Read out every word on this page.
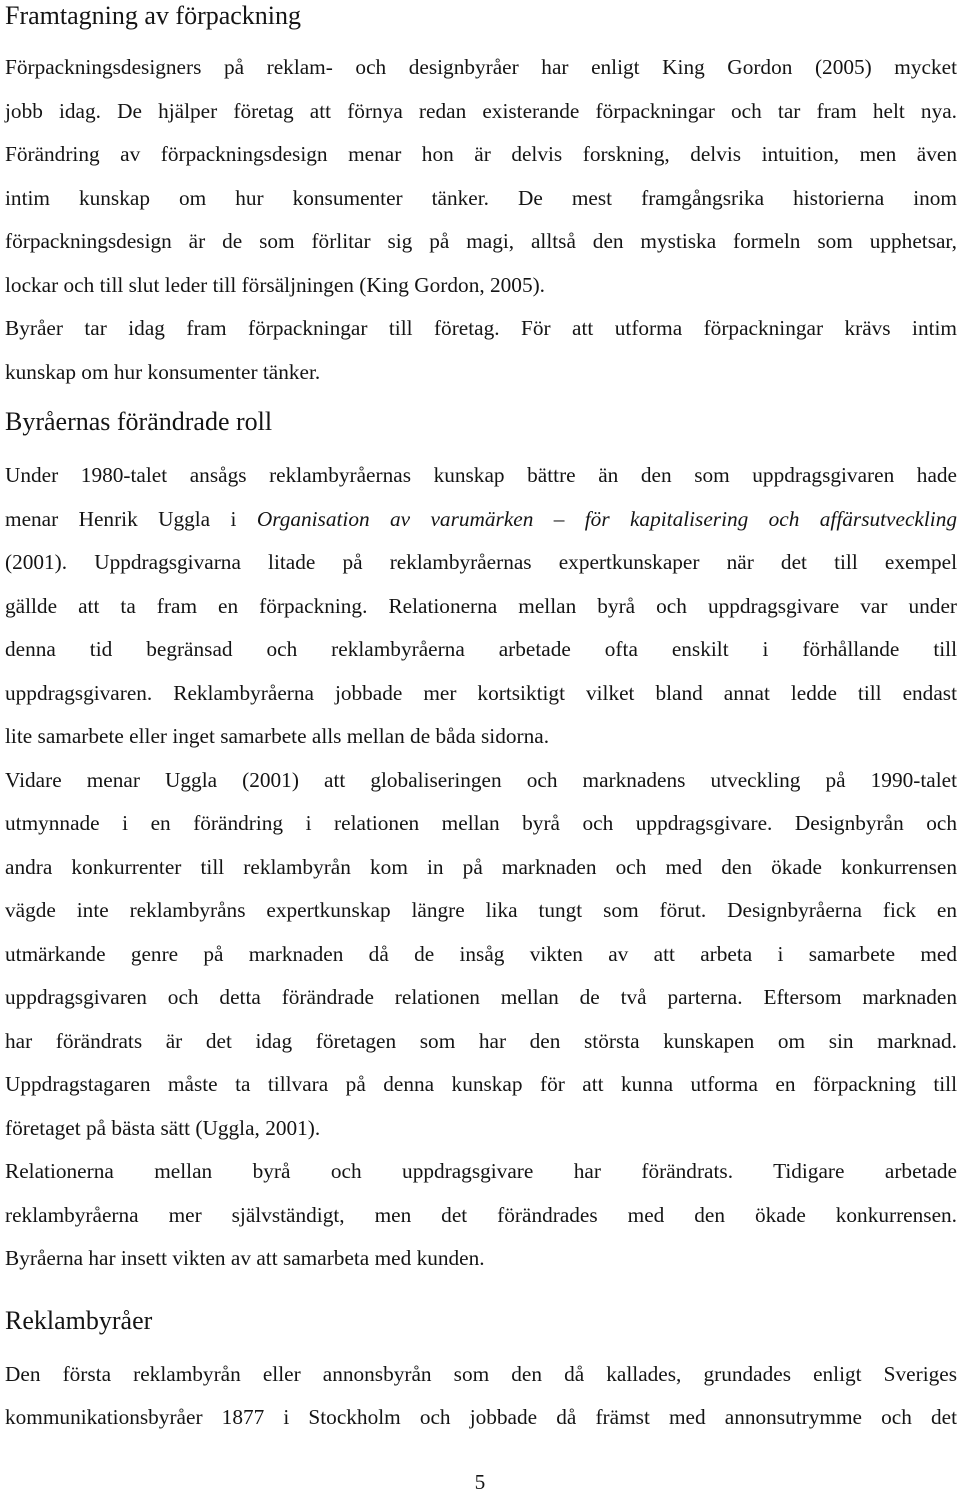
Framtagning av förpackning

Förpackningsdesigners på reklam- och designbyråer har enligt King Gordon (2005) mycket

jobb idag. De hjälper företag att förnya redan existerande förpackningar och tar fram helt nya.

Förändring av förpackningsdesign menar hon är delvis forskning, delvis intuition, men även

intim kunskap om hur konsumenter tänker. De mest framgångsrika historierna inom

förpackningsdesign är de som förlitar sig på magi, alltså den mystiska formeln som upphetsar,

lockar och till slut leder till försäljningen (King Gordon, 2005).

Byråer tar idag fram förpackningar till företag. För att utforma förpackningar krävs intim

kunskap om hur konsumenter tänker.

Byråernas förändrade roll

Under 1980-talet ansågs reklambyråernas kunskap bättre än den som uppdragsgivaren hade

menar Henrik Uggla i Organisation av varumärken – för kapitalisering och affärsutveckling

(2001). Uppdragsgivarna litade på reklambyråernas expertkunskaper när det till exempel

gällde att ta fram en förpackning. Relationerna mellan byrå och uppdragsgivare var under

denna tid begränsad och reklambyråerna arbetade ofta enskilt i förhållande till

uppdragsgivaren. Reklambyråerna jobbade mer kortsiktigt vilket bland annat ledde till endast

lite samarbete eller inget samarbete alls mellan de båda sidorna.

Vidare menar Uggla (2001) att globaliseringen och marknadens utveckling på 1990-talet

utmynnade i en förändring i relationen mellan byrå och uppdragsgivare. Designbyrån och

andra konkurrenter till reklambyrån kom in på marknaden och med den ökade konkurrensen

vägde inte reklambyråns expertkunskap längre lika tungt som förut. Designbyråerna fick en

utmärkande genre på marknaden då de insåg vikten av att arbeta i samarbete med

uppdragsgivaren och detta förändrade relationen mellan de två parterna. Eftersom marknaden

har förändrats är det idag företagen som har den största kunskapen om sin marknad.

Uppdragstagaren måste ta tillvara på denna kunskap för att kunna utforma en förpackning till

företaget på bästa sätt (Uggla, 2001).

Relationerna mellan byrå och uppdragsgivare har förändrats. Tidigare arbetade

reklambyråerna mer självständigt, men det förändrades med den ökade konkurrensen.

Byråerna har insett vikten av att samarbeta med kunden.

Reklambyråer

Den första reklambyrån eller annonsbyrån som den då kallades, grundades enligt Sveriges

kommunikationsbyråer 1877 i Stockholm och jobbade då främst med annonsutrymme och det

5
